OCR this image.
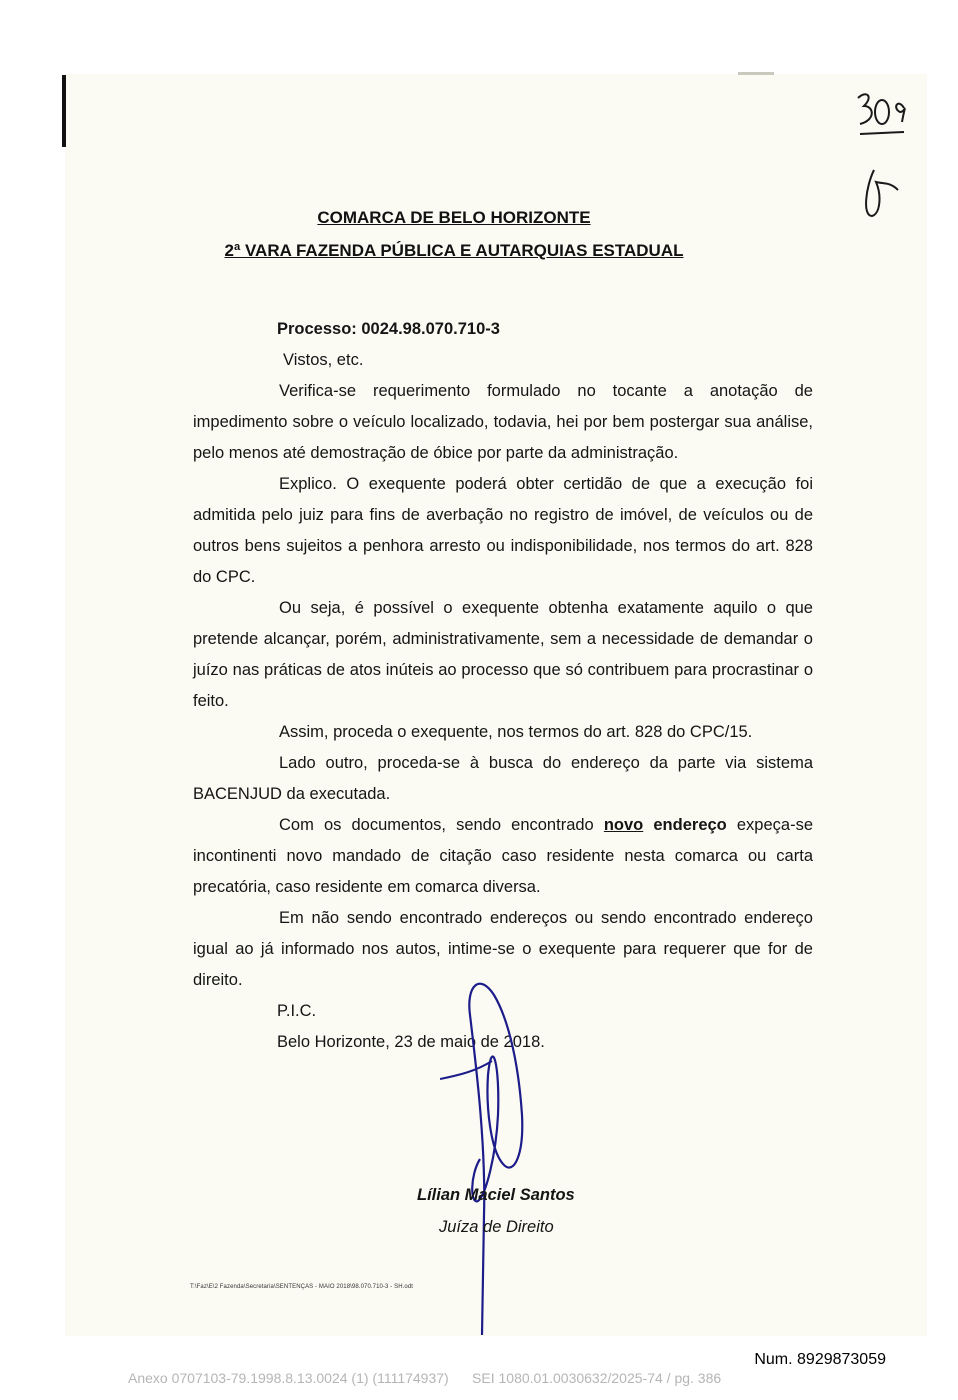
COMARCA DE BELO HORIZONTE
2ª VARA FAZENDA PÚBLICA E AUTARQUIAS ESTADUAL

Processo: 0024.98.070.710-3

Vistos, etc.

Verifica-se requerimento formulado no tocante a anotação de impedimento sobre o veículo localizado, todavia, hei por bem postergar sua análise, pelo menos até demostração de óbice por parte da administração.

Explico. O exequente poderá obter certidão de que a execução foi admitida pelo juiz para fins de averbação no registro de imóvel, de veículos ou de outros bens sujeitos a penhora arresto ou indisponibilidade, nos termos do art. 828 do CPC.

Ou seja, é possível o exequente obtenha exatamente aquilo o que pretende alcançar, porém, administrativamente, sem a necessidade de demandar o juízo nas práticas de atos inúteis ao processo que só contribuem para procrastinar o feito.

Assim, proceda o exequente, nos termos do art. 828 do CPC/15.

Lado outro, proceda-se à busca do endereço da parte via sistema BACENJUD da executada.

Com os documentos, sendo encontrado novo endereço expeça-se incontinenti novo mandado de citação caso residente nesta comarca ou carta precatória, caso residente em comarca diversa.

Em não sendo encontrado endereços ou sendo encontrado endereço igual ao já informado nos autos, intime-se o exequente para requerer que for de direito.

P.I.C.

Belo Horizonte, 23 de maio de 2018.

Lílian Maciel Santos
Juíza de Direito
T:\Faz\E\2 Fazenda\Secretaria\SENTENÇAS - MAIO 2018\98.070.710-3 - SH.odt
Num. 8929873059
Anexo 0707103-79.1998.8.13.0024 (1) (111174937) SEI 1080.01.0030632/2025-74 / pg. 386
